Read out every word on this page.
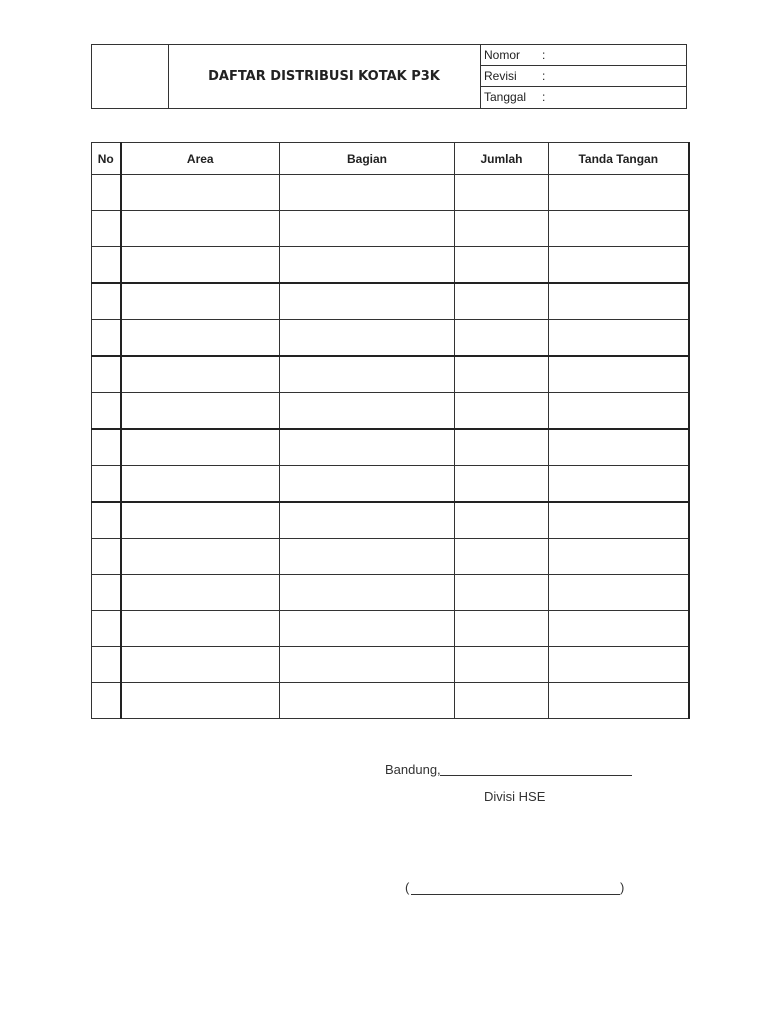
DAFTAR DISTRIBUSI KOTAK P3K
Nomor :
Revisi :
Tanggal :
No	Area	Bagian	Jumlah	Tanda Tangan

Bandung,
Divisi HSE
(	)
